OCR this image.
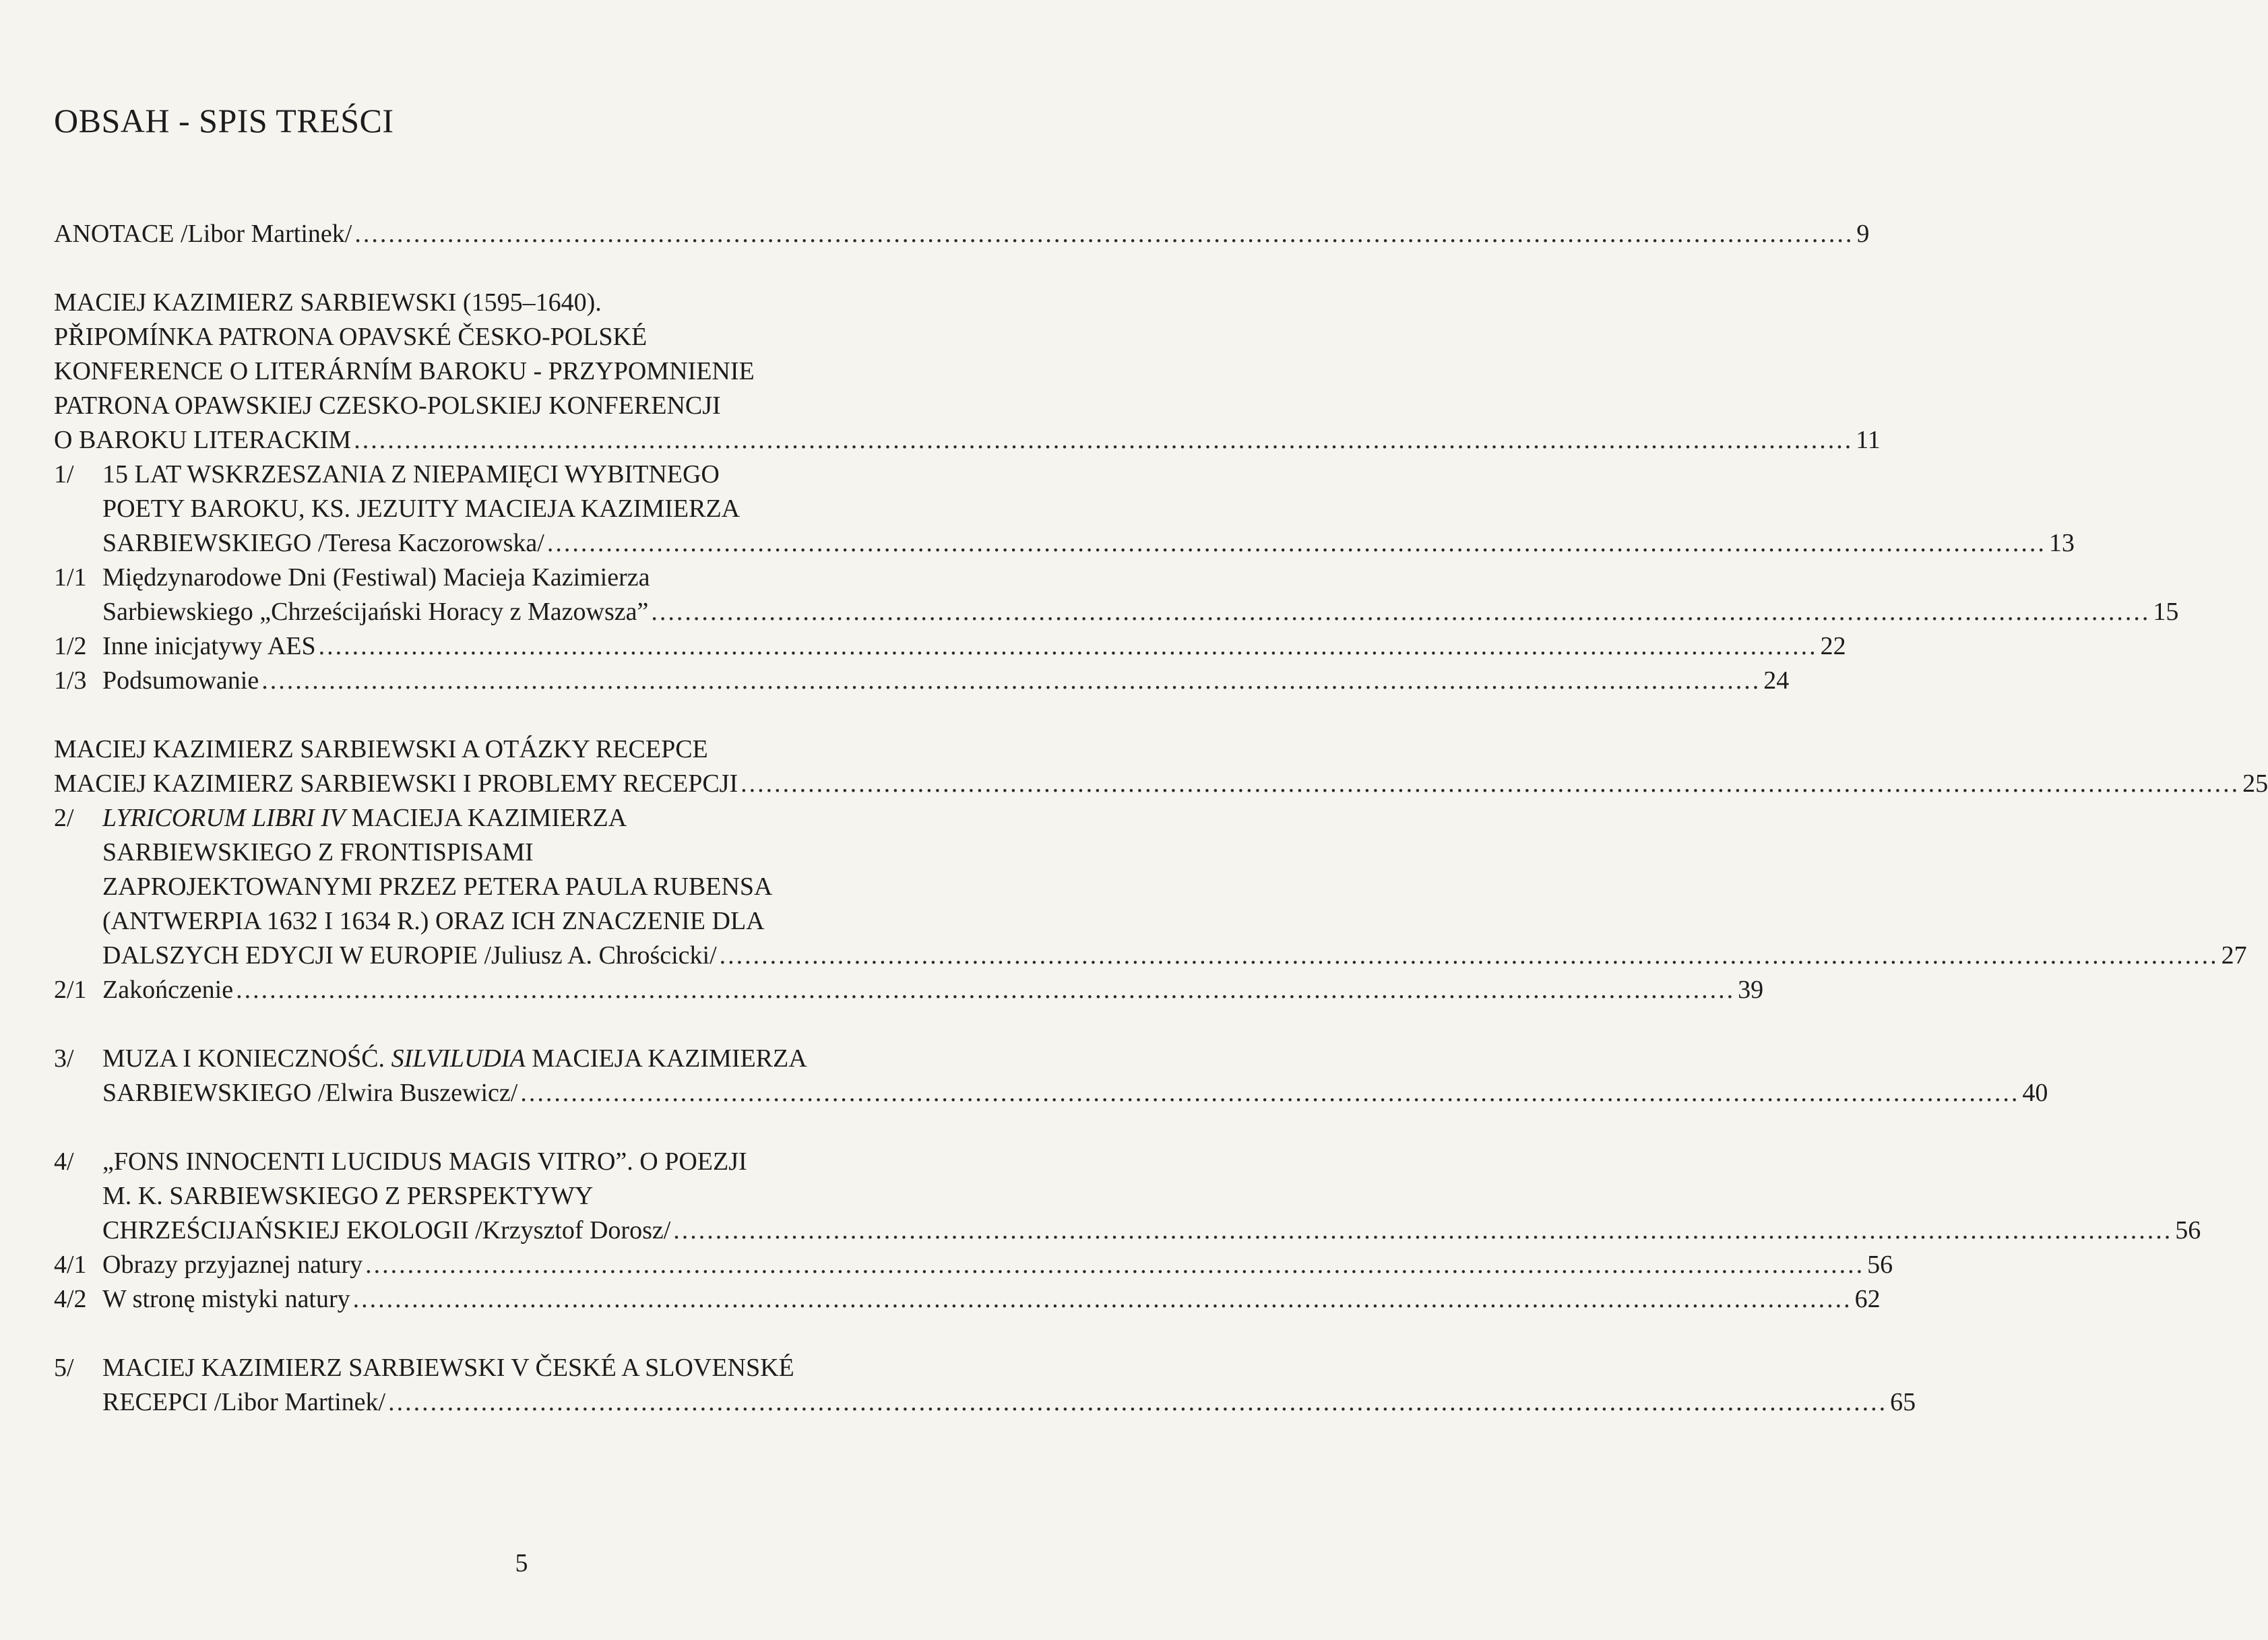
OBSAH - SPIS TREŚCI
ANOTACE /Libor Martinek/ .................................................................................................................................................................................. 9
MACIEJ KAZIMIERZ SARBIEWSKI (1595–1640).
PŘIPOMÍNKA PATRONA OPAVSKÉ ČESKO-POLSKÉ
KONFERENCE O LITERÁRNÍM BAROKU - PRZYPOMNIENIE
PATRONA OPAWSKIEJ CZESKO-POLSKIEJ KONFERENCJI
O BAROKU LITERACKIM .................................................................................................................................................................................. 11
1/ 15 LAT WSKRZESZANIA Z NIEPAMIĘCI WYBITNEGO
POETY BAROKU, KS. JEZUITY MACIEJA KAZIMIERZA
SARBIEWSKIEGO /Teresa Kaczorowska/ .................................................................................................................................................................................. 13
1/1 Międzynarodowe Dni (Festiwal) Macieja Kazimierza
Sarbiewskiego „Chrześcijański Horacy z Mazowsza” .................................................................................................................................................................................. 15
1/2 Inne inicjatywy AES .................................................................................................................................................................................. 22
1/3 Podsumowanie .................................................................................................................................................................................. 24
MACIEJ KAZIMIERZ SARBIEWSKI A OTÁZKY RECEPCE
MACIEJ KAZIMIERZ SARBIEWSKI I PROBLEMY RECEPCJI .................................................................................................................................................................................. 25
2/ LYRICORUM LIBRI IV MACIEJA KAZIMIERZA
SARBIEWSKIEGO Z FRONTISPISAMI
ZAPROJEKTOWANYMI PRZEZ PETERA PAULA RUBENSA
(ANTWERPIA 1632 I 1634 R.) ORAZ ICH ZNACZENIE DLA
DALSZYCH EDYCJI W EUROPIE /Juliusz A. Chrościcki/ .................................................................................................................................................................................. 27
2/1 Zakończenie .................................................................................................................................................................................. 39
3/ MUZA I KONIECZNOŚĆ. SILVILUDIA MACIEJA KAZIMIERZA
SARBIEWSKIEGO /Elwira Buszewicz/ .................................................................................................................................................................................. 40
4/ „FONS INNOCENTI LUCIDUS MAGIS VITRO”. O POEZJI
M. K. SARBIEWSKIEGO Z PERSPEKTYWY
CHRZEŚCIJAŃSKIEJ EKOLOGII /Krzysztof Dorosz/ .................................................................................................................................................................................. 56
4/1 Obrazy przyjaznej natury .................................................................................................................................................................................. 56
4/2 W stronę mistyki natury .................................................................................................................................................................................. 62
5/ MACIEJ KAZIMIERZ SARBIEWSKI V ČESKÉ A SLOVENSKÉ
RECEPCI /Libor Martinek/ .................................................................................................................................................................................. 65
5
